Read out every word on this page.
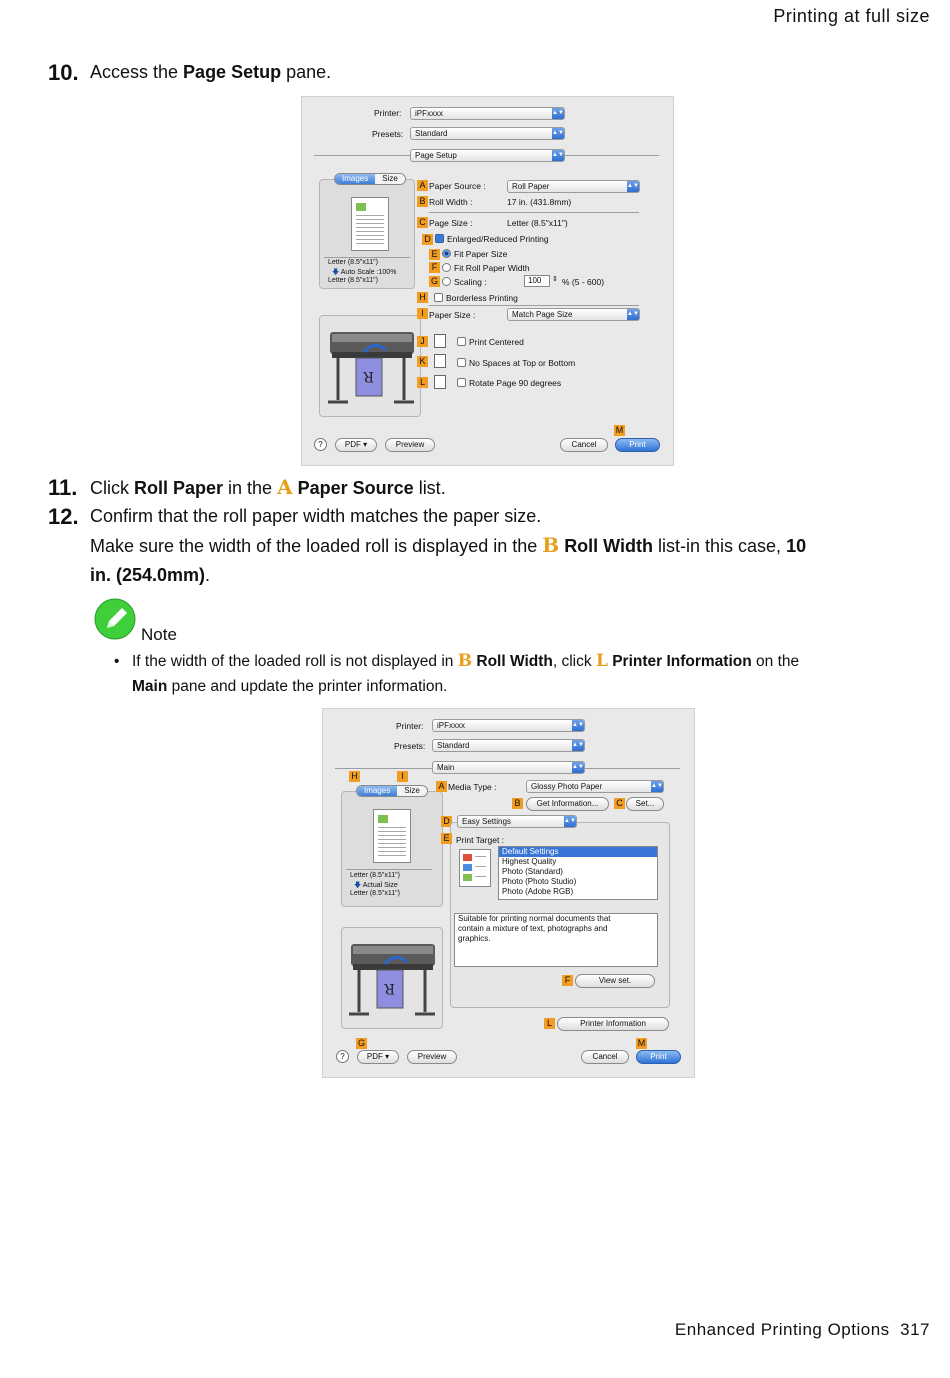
Printing at full size
Enhanced Printing Options 317
10. Access the Page Setup pane.
Printer:	iPFxxxx	▲▼
Presets:	Standard	▲▼
Page Setup	▲▼
Images	Size
Letter (8.5"x11")
🡇 Auto Scale :100%
Letter (8.5"x11")
R
A Paper Source :	Roll Paper	▲▼
B Roll Width :	17 in. (431.8mm)
C Page Size :	Letter (8.5"x11")
D Enlarged/Reduced Printing
E Fit Paper Size
F	Fit Roll Paper Width
G Scaling :	100	⇕ % (5 - 600)
H Borderless Printing
I Paper Size :	Match Page Size	▲▼
J	Print Centered
K	No Spaces at Top or Bottom
L	Rotate Page 90 degrees
?	PDF ▾	Preview	Cancel
M
Print
11. Click Roll Paper in the A Paper Source list.
12. Confirm that the roll paper width matches the paper size.
Make sure the width of the loaded roll is displayed in the B Roll Width list-in this case, 10
in. (254.0mm).
Note
• If the width of the loaded roll is not displayed in B Roll Width, click L Printer Information on the
Main pane and update the printer information.
Printer:	iPFxxxx	▲▼
Presets:	Standard	▲▼
Main	▲▼
H	I
Images	Size
Letter (8.5"x11")
🡇 Actual Size
Letter (8.5"x11")
R
A Media Type :	Glossy Photo Paper	▲▼
B	Get Information...	C	Set...
D	Easy Settings	▲▼
E Print Target :
Default Settings
Highest Quality
Photo (Standard)
Photo (Photo Studio)
Photo (Adobe RGB)
Suitable for printing normal documents that
contain a mixture of text, photographs and
graphics.
F	View set.
L	Printer Information
G
?	PDF ▾	Preview	Cancel
M
Print
